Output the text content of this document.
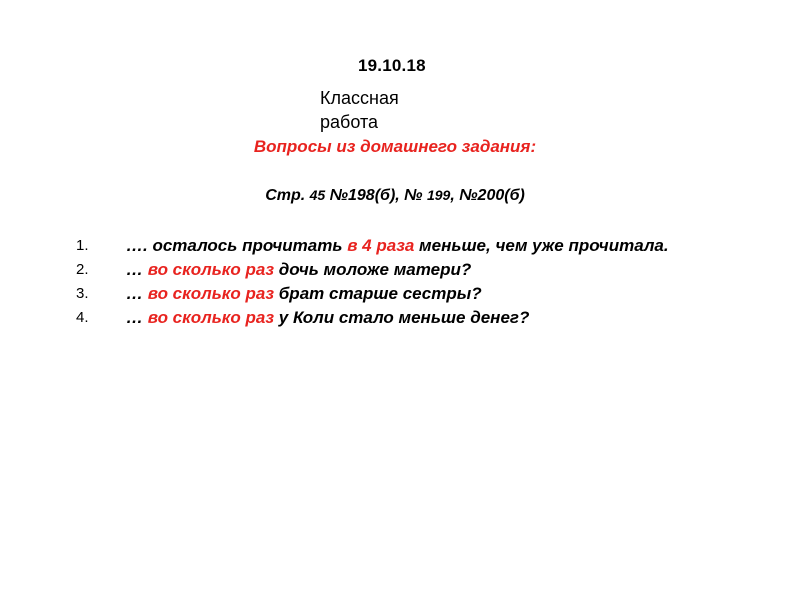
19.10.18
Классная работа
Вопросы из домашнего задания:
Стр. 45 №198(б), № 199, №200(б)
1. …. осталось прочитать в 4 раза меньше, чем уже прочитала.
2. … во сколько раз дочь моложе матери?
3. … во сколько раз брат старше сестры?
4. … во сколько раз у Коли стало меньше денег?
